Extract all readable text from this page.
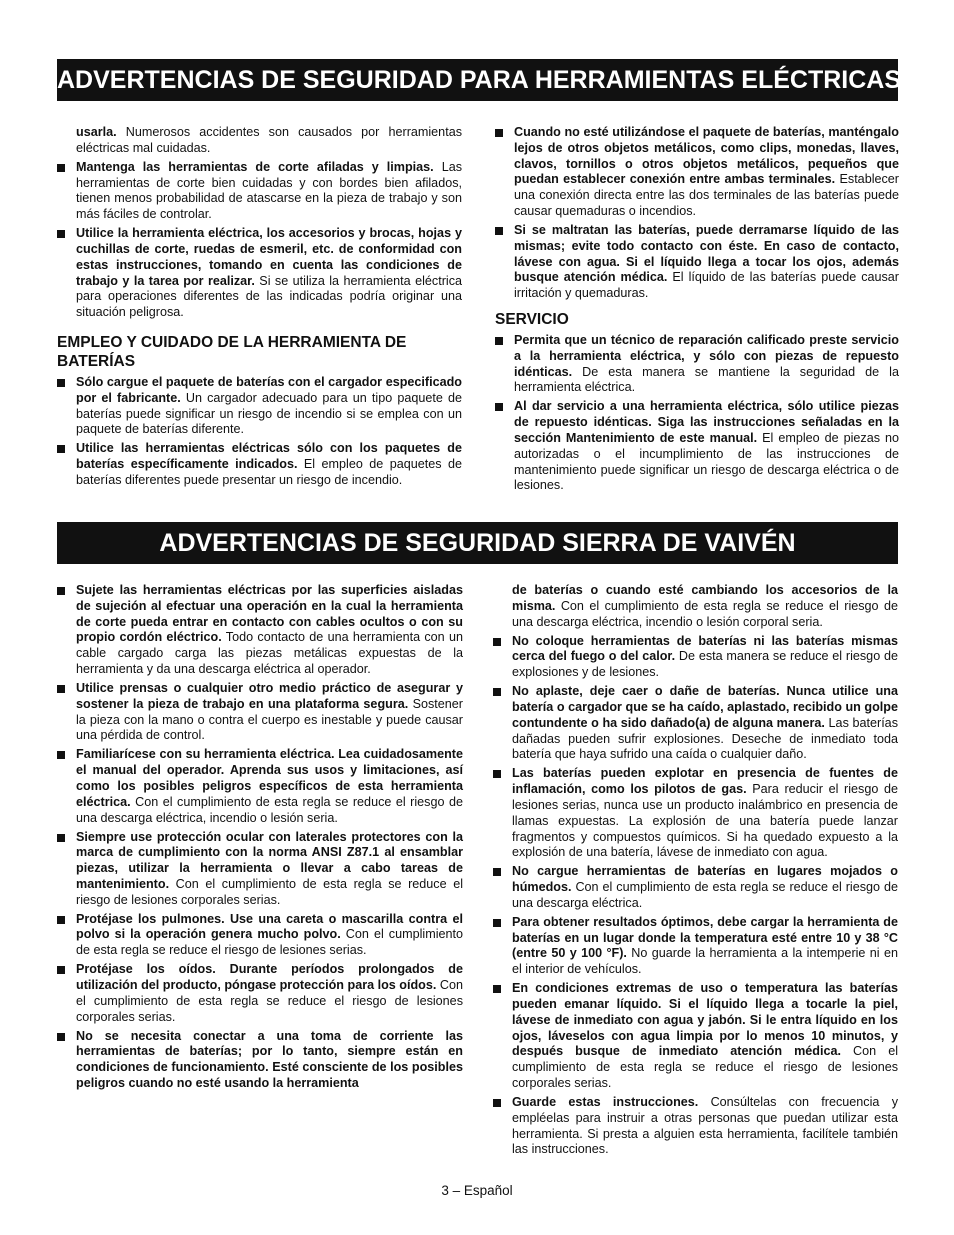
ADVERTENCIAS DE SEGURIDAD PARA HERRAMIENTAS ELÉCTRICAS
usarla. Numerosos accidentes son causados por herramientas eléctricas mal cuidadas.
Mantenga las herramientas de corte afiladas y limpias. Las herramientas de corte bien cuidadas y con bordes bien afilados, tienen menos probabilidad de atascarse en la pieza de trabajo y son más fáciles de controlar.
Utilice la herramienta eléctrica, los accesorios y brocas, hojas y cuchillas de corte, ruedas de esmeril, etc. de conformidad con estas instrucciones, tomando en cuenta las condiciones de trabajo y la tarea por realizar. Si se utiliza la herramienta eléctrica para operaciones diferentes de las indicadas podría originar una situación peligrosa.
EMPLEO Y CUIDADO DE LA HERRAMIENTA DE BATERÍAS
Sólo cargue el paquete de baterías con el cargador especificado por el fabricante. Un cargador adecuado para un tipo paquete de baterías puede significar un riesgo de incendio si se emplea con un paquete de baterías diferente.
Utilice las herramientas eléctricas sólo con los paquetes de baterías específicamente indicados. El empleo de paquetes de baterías diferentes puede presentar un riesgo de incendio.
Cuando no esté utilizándose el paquete de baterías, manténgalo lejos de otros objetos metálicos, como clips, monedas, llaves, clavos, tornillos o otros objetos metálicos, pequeños que puedan establecer conexión entre ambas terminales. Establecer una conexión directa entre las dos terminales de las baterías puede causar quemaduras o incendios.
Si se maltratan las baterías, puede derramarse líquido de las mismas; evite todo contacto con éste. En caso de contacto, lávese con agua. Si el líquido llega a tocar los ojos, además busque atención médica. El líquido de las baterías puede causar irritación y quemaduras.
SERVICIO
Permita que un técnico de reparación calificado preste servicio a la herramienta eléctrica, y sólo con piezas de repuesto idénticas. De esta manera se mantiene la seguridad de la herramienta eléctrica.
Al dar servicio a una herramienta eléctrica, sólo utilice piezas de repuesto idénticas. Siga las instrucciones señaladas en la sección Mantenimiento de este manual. El empleo de piezas no autorizadas o el incumplimiento de las instrucciones de mantenimiento puede significar un riesgo de descarga eléctrica o de lesiones.
ADVERTENCIAS DE SEGURIDAD SIERRA DE VAIVÉN
Sujete las herramientas eléctricas por las superficies aisladas de sujeción al efectuar una operación en la cual la herramienta de corte pueda entrar en contacto con cables ocultos o con su propio cordón eléctrico. Todo contacto de una herramienta con un cable cargado carga las piezas metálicas expuestas de la herramienta y da una descarga eléctrica al operador.
Utilice prensas o cualquier otro medio práctico de asegurar y sostener la pieza de trabajo en una plataforma segura. Sostener la pieza con la mano o contra el cuerpo es inestable y puede causar una pérdida de control.
Familiarícese con su herramienta eléctrica. Lea cuidadosamente el manual del operador. Aprenda sus usos y limitaciones, así como los posibles peligros específicos de esta herramienta eléctrica. Con el cumplimiento de esta regla se reduce el riesgo de una descarga eléctrica, incendio o lesión seria.
Siempre use protección ocular con laterales protectores con la marca de cumplimiento con la norma ANSI Z87.1 al ensamblar piezas, utilizar la herramienta o llevar a cabo tareas de mantenimiento. Con el cumplimiento de esta regla se reduce el riesgo de lesiones corporales serias.
Protéjase los pulmones. Use una careta o mascarilla contra el polvo si la operación genera mucho polvo. Con el cumplimiento de esta regla se reduce el riesgo de lesiones serias.
Protéjase los oídos. Durante períodos prolongados de utilización del producto, póngase protección para los oídos. Con el cumplimiento de esta regla se reduce el riesgo de lesiones corporales serias.
No se necesita conectar a una toma de corriente las herramientas de baterías; por lo tanto, siempre están en condiciones de funcionamiento. Esté consciente de los posibles peligros cuando no esté usando la herramienta
de baterías o cuando esté cambiando los accesorios de la misma. Con el cumplimiento de esta regla se reduce el riesgo de una descarga eléctrica, incendio o lesión corporal seria.
No coloque herramientas de baterías ni las baterías mismas cerca del fuego o del calor. De esta manera se reduce el riesgo de explosiones y de lesiones.
No aplaste, deje caer o dañe de baterías. Nunca utilice una batería o cargador que se ha caído, aplastado, recibido un golpe contundente o ha sido dañado(a) de alguna manera. Las baterías dañadas pueden sufrir explosiones. Deseche de inmediato toda batería que haya sufrido una caída o cualquier daño.
Las baterías pueden explotar en presencia de fuentes de inflamación, como los pilotos de gas. Para reducir el riesgo de lesiones serias, nunca use un producto inalámbrico en presencia de llamas expuestas. La explosión de una batería puede lanzar fragmentos y compuestos químicos. Si ha quedado expuesto a la explosión de una batería, lávese de inmediato con agua.
No cargue herramientas de baterías en lugares mojados o húmedos. Con el cumplimiento de esta regla se reduce el riesgo de una descarga eléctrica.
Para obtener resultados óptimos, debe cargar la herramienta de baterías en un lugar donde la temperatura esté entre 10 y 38 °C (entre 50 y 100 °F). No guarde la herramienta a la intemperie ni en el interior de vehículos.
En condiciones extremas de uso o temperatura las baterías pueden emanar líquido. Si el líquido llega a tocarle la piel, lávese de inmediato con agua y jabón. Si le entra líquido en los ojos, láveselos con agua limpia por lo menos 10 minutos, y después busque de inmediato atención médica. Con el cumplimiento de esta regla se reduce el riesgo de lesiones corporales serias.
Guarde estas instrucciones. Consúltelas con frecuencia y empléelas para instruir a otras personas que puedan utilizar esta herramienta. Si presta a alguien esta herramienta, facilítele también las instrucciones.
3 – Español
